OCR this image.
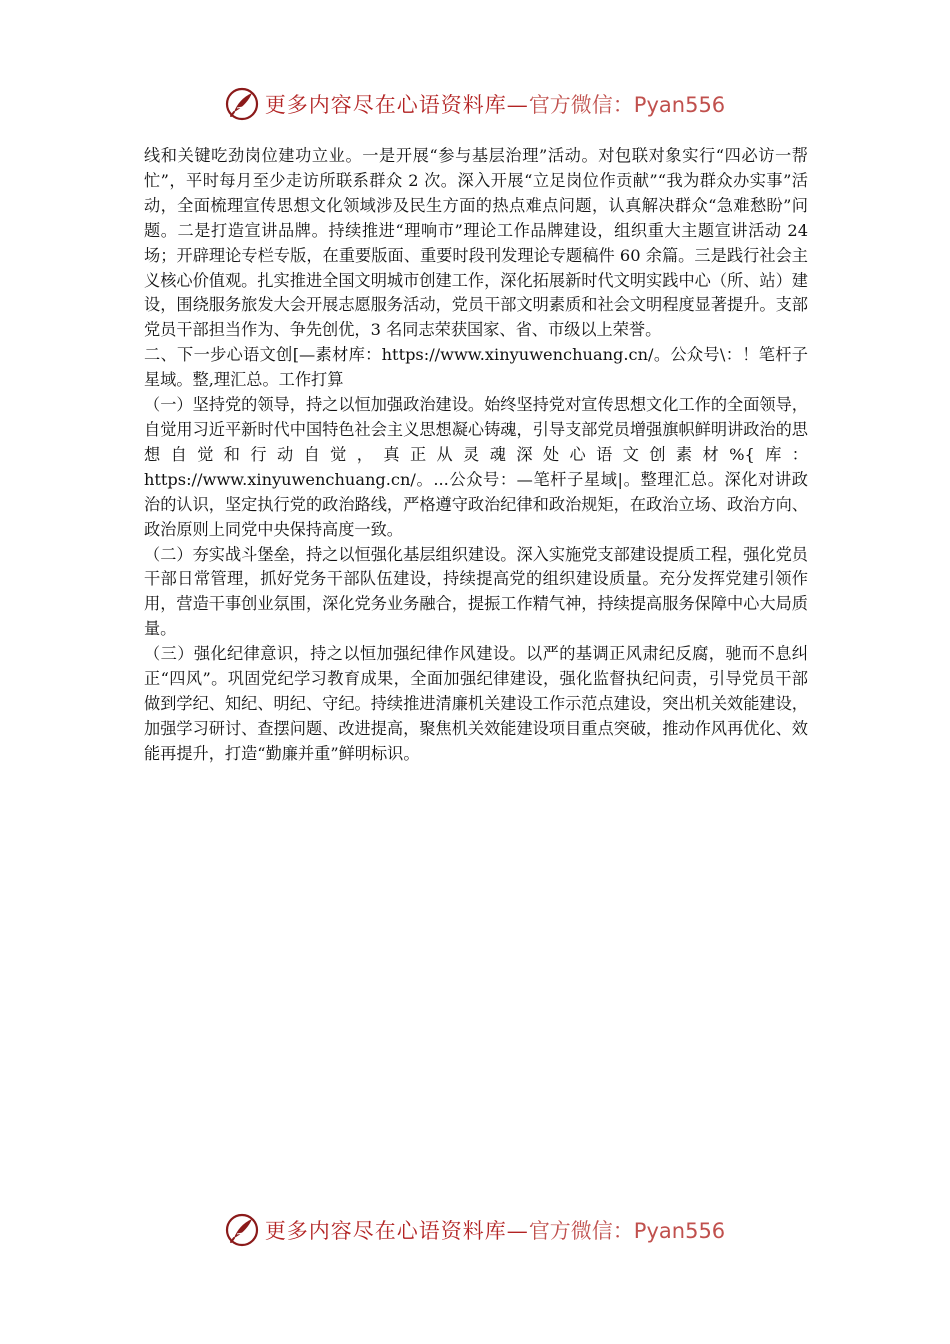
更多内容尽在心语资料库—官方微信：Pyan556

线和关键吃劲岗位建功立业。一是开展“参与基层治理”活动。对包联对象实行“四必访一帮忙”，平时每月至少走访所联系群众 2 次。深入开展“立足岗位作贡献”“我为群众办实事”活动，全面梳理宣传思想文化领域涉及民生方面的热点难点问题，认真解决群众“急难愁盼”问题。二是打造宣讲品牌。持续推进“理响市”理论工作品牌建设，组织重大主题宣讲活动 24 场；开辟理论专栏专版，在重要版面、重要时段刊发理论专题稿件 60 余篇。三是践行社会主义核心价值观。扎实推进全国文明城市创建工作，深化拓展新时代文明实践中心（所、站）建设，围绕服务旅发大会开展志愿服务活动，党员干部文明素质和社会文明程度显著提升。支部党员干部担当作为、争先创优，3 名同志荣获国家、省、市级以上荣誉。

二、下一步心语文创[—素材库：https://www.xinyuwenchuang.cn/。公众号\：！笔杆子星域。整,理汇总。工作打算

（一）坚持党的领导，持之以恒加强政治建设。始终坚持党对宣传思想文化工作的全面领导，自觉用习近平新时代中国特色社会主义思想凝心铸魂，引导支部党员增强旗帜鲜明讲政治的思想自觉和行动自觉，真正从灵魂深处心语文创素材%{库：https://www.xinyuwenchuang.cn/。...公众号：—笔杆子星域|。整理汇总。深化对讲政治的认识，坚定执行党的政治路线，严格遵守政治纪律和政治规矩，在政治立场、政治方向、政治原则上同党中央保持高度一致。

（二）夯实战斗堡垒，持之以恒强化基层组织建设。深入实施党支部建设提质工程，强化党员干部日常管理，抓好党务干部队伍建设，持续提高党的组织建设质量。充分发挥党建引领作用，营造干事创业氛围，深化党务业务融合，提振工作精气神，持续提高服务保障中心大局质量。

（三）强化纪律意识，持之以恒加强纪律作风建设。以严的基调正风肃纪反腐，驰而不息纠正“四风”。巩固党纪学习教育成果，全面加强纪律建设，强化监督执纪问责，引导党员干部做到学纪、知纪、明纪、守纪。持续推进清廉机关建设工作示范点建设，突出机关效能建设，加强学习研讨、查摆问题、改进提高，聚焦机关效能建设项目重点突破，推动作风再优化、效能再提升，打造“勤廉并重”鲜明标识。

更多内容尽在心语资料库—官方微信：Pyan556
